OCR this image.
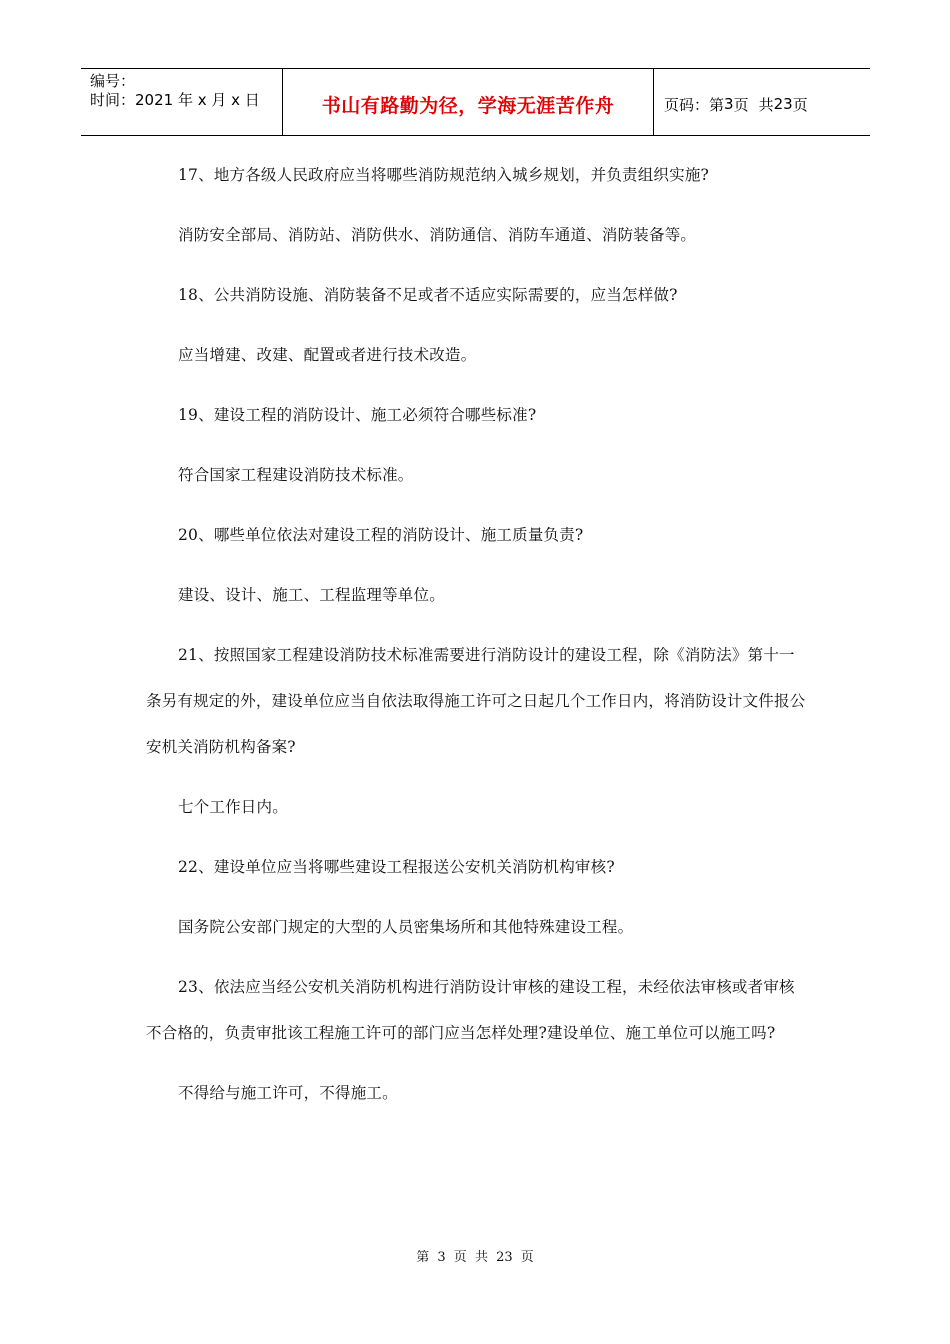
编号：
时间：2021 年 x 月 x 日	书山有路勤为径，学海无涯苦作舟	页码：第 3 页 共 23 页

17、地方各级人民政府应当将哪些消防规范纳入城乡规划，并负责组织实施?

消防安全部局、消防站、消防供水、消防通信、消防车通道、消防装备等。

18、公共消防设施、消防装备不足或者不适应实际需要的，应当怎样做?

应当增建、改建、配置或者进行技术改造。

19、建设工程的消防设计、施工必须符合哪些标准?

符合国家工程建设消防技术标准。

20、哪些单位依法对建设工程的消防设计、施工质量负责?

建设、设计、施工、工程监理等单位。

21、按照国家工程建设消防技术标准需要进行消防设计的建设工程，除《消防法》第十一条另有规定的外，建设单位应当自依法取得施工许可之日起几个工作日内，将消防设计文件报公安机关消防机构备案?

七个工作日内。

22、建设单位应当将哪些建设工程报送公安机关消防机构审核?

国务院公安部门规定的大型的人员密集场所和其他特殊建设工程。

23、依法应当经公安机关消防机构进行消防设计审核的建设工程，未经依法审核或者审核不合格的，负责审批该工程施工许可的部门应当怎样处理?建设单位、施工单位可以施工吗?

不得给与施工许可，不得施工。

第 3 页 共 23 页
